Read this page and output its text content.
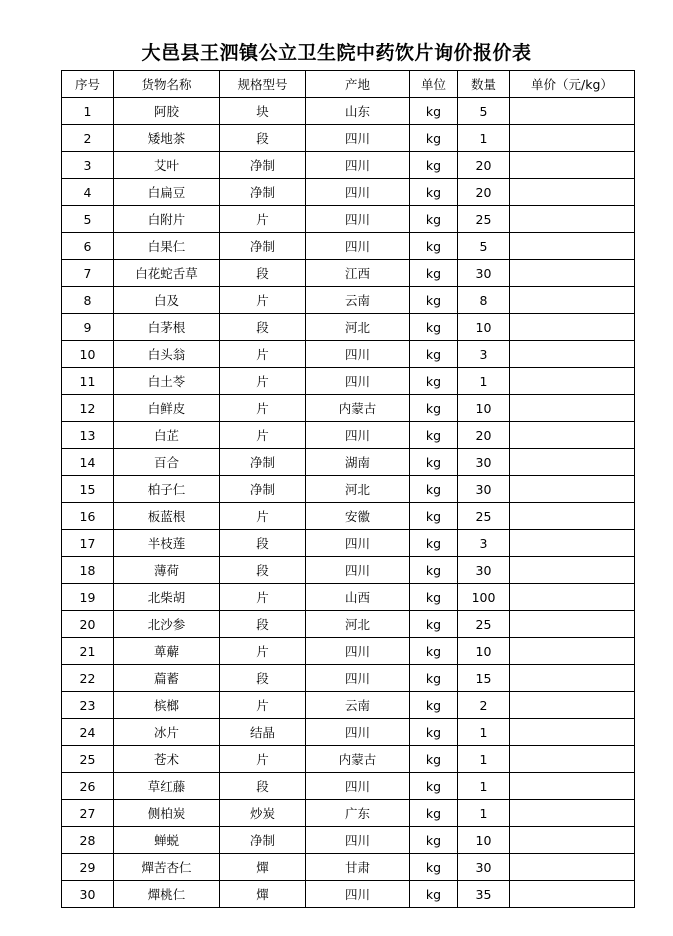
大邑县王泗镇公立卫生院中药饮片询价报价表
序号	货物名称	规格型号	产地	单位	数量	单价（元/kg）
1	阿胶	块	山东	kg	5	
2	矮地茶	段	四川	kg	1	
3	艾叶	净制	四川	kg	20	
4	白扁豆	净制	四川	kg	20	
5	白附片	片	四川	kg	25	
6	白果仁	净制	四川	kg	5	
7	白花蛇舌草	段	江西	kg	30	
8	白及	片	云南	kg	8	
9	白茅根	段	河北	kg	10	
10	白头翁	片	四川	kg	3	
11	白土苓	片	四川	kg	1	
12	白鲜皮	片	内蒙古	kg	10	
13	白芷	片	四川	kg	20	
14	百合	净制	湖南	kg	30	
15	柏子仁	净制	河北	kg	30	
16	板蓝根	片	安徽	kg	25	
17	半枝莲	段	四川	kg	3	
18	薄荷	段	四川	kg	30	
19	北柴胡	片	山西	kg	100	
20	北沙参	段	河北	kg	25	
21	萆薢	片	四川	kg	10	
22	萹蓄	段	四川	kg	15	
23	槟榔	片	云南	kg	2	
24	冰片	结晶	四川	kg	1	
25	苍术	片	内蒙古	kg	1	
26	草红藤	段	四川	kg	1	
27	侧柏炭	炒炭	广东	kg	1	
28	蝉蜕	净制	四川	kg	10	
29	燀苦杏仁	燀	甘肃	kg	30	
30	燀桃仁	燀	四川	kg	35	
